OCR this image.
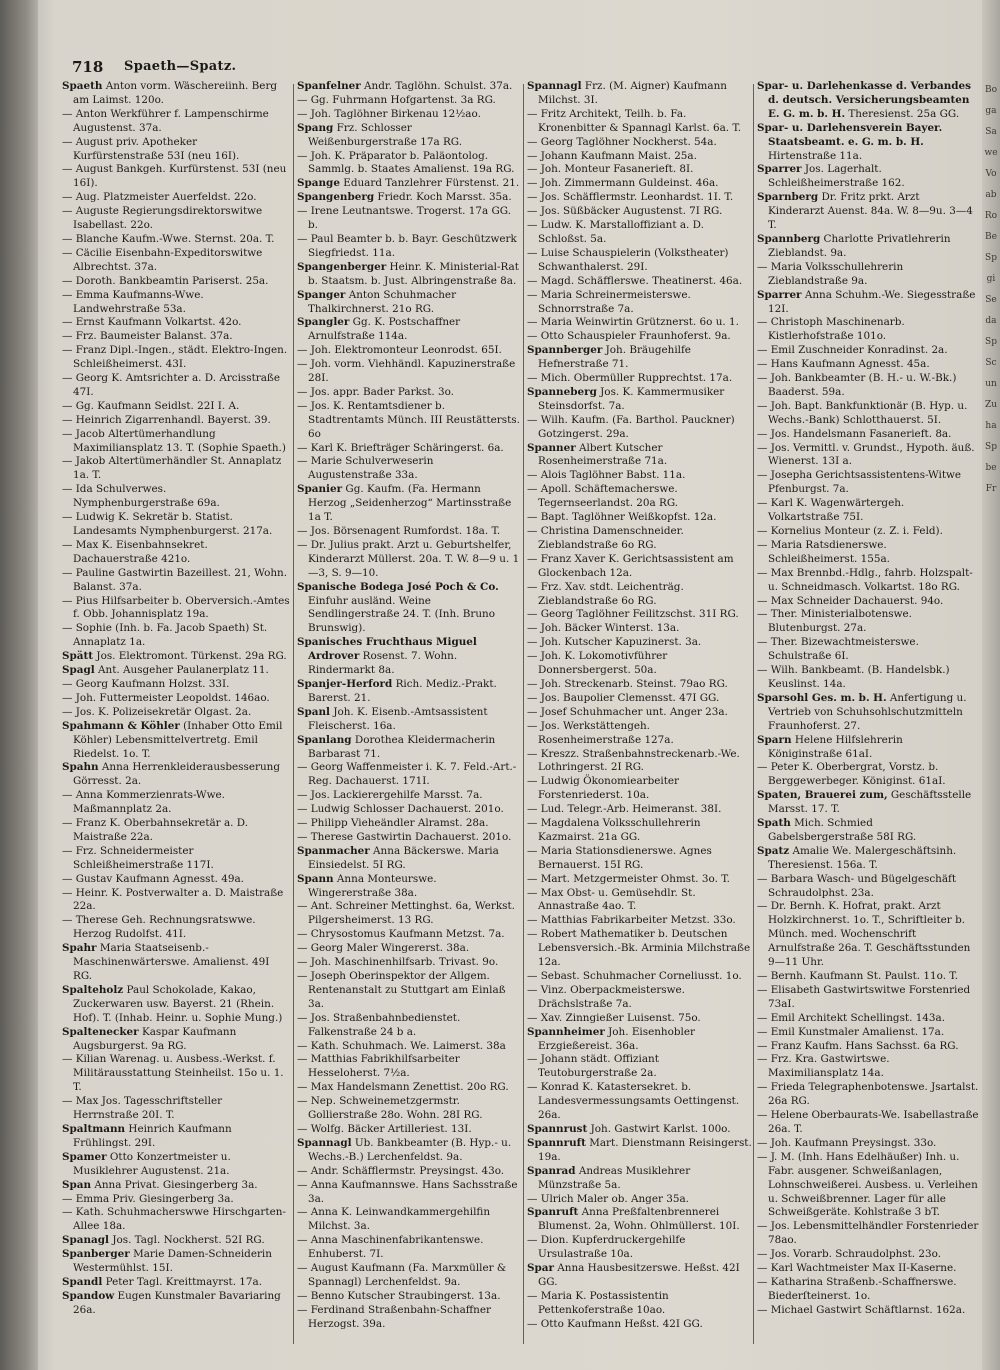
718 Spaeth—Spatz.

Spaeth Anton vorm. Wäschereiinh. Berg am Laimst. 120o.

— Anton Werkführer f. Lampenschirme Augustenst. 37a.

— August priv. Apotheker Kurfürstenstraße 53I (neu 16I).

— August Bankgeh. Kurfürstenst. 53I (neu 16I).

— Aug. Platzmeister Auerfeldst. 22o.

— Auguste Regierungsdirektorswitwe Isabellast. 22o.

— Blanche Kaufm.-Wwe. Sternst. 20a. T.

— Cäcilie Eisenbahn-Expeditorswitwe Albrechtst. 37a.

— Doroth. Bankbeamtin Pariserst. 25a.

— Emma Kaufmanns-Wwe. Landwehrstraße 53a.

— Ernst Kaufmann Volkartst. 42o.

— Frz. Baumeister Balanst. 37a.

— Franz Dipl.-Ingen., städt. Elektro-Ingen. Schleißheimerst. 43I.

— Georg K. Amtsrichter a. D. Arcisstraße 47I.

— Gg. Kaufmann Seidlst. 22I I. A.

— Heinrich Zigarrenhandl. Bayerst. 39.

— Jacob Altertümerhandlung Maximiliansplatz 13. T. (Sophie Spaeth.)

— Jakob Altertümerhändler St. Annaplatz 1a. T.

— Ida Schulverwes. Nymphenburgerstraße 69a.

— Ludwig K. Sekretär b. Statist. Landesamts Nymphenburgerst. 217a.

— Max K. Eisenbahnsekret. Dachauerstraße 421o.

— Pauline Gastwirtin Bazeillest. 21, Wohn. Balanst. 37a.

— Pius Hilfsarbeiter b. Oberversich.-Amtes f. Obb. Johannisplatz 19a.

— Sophie (Inh. b. Fa. Jacob Spaeth) St. Annaplatz 1a.

Spätt Jos. Elektromont. Türkenst. 29a RG.

Spagl Ant. Ausgeher Paulanerplatz 11.

— Georg Kaufmann Holzst. 33I.

— Joh. Futtermeister Leopoldst. 146ao.

— Jos. K. Polizeisekretär Olgast. 2a.

Spahmann & Köhler (Inhaber Otto Emil Köhler) Lebensmittelvertretg. Emil Riedelst. 1o. T.

Spahn Anna Herrenkleiderausbesserung Görresst. 2a.

— Anna Kommerzienrats-Wwe. Maßmannplatz 2a.

— Franz K. Oberbahnsekretär a. D. Maistraße 22a.

— Frz. Schneidermeister Schleißheimerstraße 117I.

— Gustav Kaufmann Agnesst. 49a.

— Heinr. K. Postverwalter a. D. Maistraße 22a.

— Therese Geh. Rechnungsratswwe. Herzog Rudolfst. 41I.

Spahr Maria Staatseisenb.-Maschinenwärterswe. Amalienst. 49I RG.

Spalteholz Paul Schokolade, Kakao, Zuckerwaren usw. Bayerst. 21 (Rhein. Hof). T. (Inhab. Heinr. u. Sophie Mung.)

Spaltenecker Kaspar Kaufmann Augsburgerst. 9a RG.

— Kilian Warenag. u. Ausbess.-Werkst. f. Militärausstattung Steinheilst. 15o u. 1. T.

— Max Jos. Tagesschriftsteller Herrnstraße 20I. T.

Spaltmann Heinrich Kaufmann Frühlingst. 29I.

Spamer Otto Konzertmeister u. Musiklehrer Augustenst. 21a.

Span Anna Privat. Giesingerberg 3a.

— Emma Priv. Giesingerberg 3a.

— Kath. Schuhmacherswwe Hirschgarten-Allee 18a.

Spanagl Jos. Tagl. Nockherst. 52I RG.

Spanberger Marie Damen-Schneiderin Westermühlst. 15I.

Spandl Peter Tagl. Kreittmayrst. 17a.

Spandow Eugen Kunstmaler Bavariaring 26a.

Spanfelner Andr. Taglöhn. Schulst. 37a.

— Gg. Fuhrmann Hofgartenst. 3a RG.

— Joh. Taglöhner Birkenau 12½ao.

Spang Frz. Schlosser Weißenburgerstraße 17a RG.

— Joh. K. Präparator b. Paläontolog. Sammlg. b. Staates Amalienst. 19a RG.

Spange Eduard Tanzlehrer Fürstenst. 21.

Spangenberg Friedr. Koch Marsst. 35a.

— Irene Leutnantswe. Trogerst. 17a GG. b.

— Paul Beamter b. b. Bayr. Geschützwerk Siegfriedst. 11a.

Spangenberger Heinr. K. Ministerial-Rat b. Staatsm. b. Just. Albringenstraße 8a.

Spanger Anton Schuhmacher Thalkirchnerst. 21o RG.

Spangler Gg. K. Postschaffner Arnulfstraße 114a.

— Joh. Elektromonteur Leonrodst. 65I.

— Joh. vorm. Viehhändl. Kapuzinerstraße 28I.

— Jos. appr. Bader Parkst. 3o.

— Jos. K. Rentamtsdiener b. Stadtrentamts Münch. III Reustättersts. 6o

— Karl K. Briefträger Schäringerst. 6a.

— Marie Schulverweserin Augustenstraße 33a.

Spanier Gg. Kaufm. (Fa. Hermann Herzog „Seidenherzog“ Martinsstraße 1a T.

— Jos. Börsenagent Rumfordst. 18a. T.

— Dr. Julius prakt. Arzt u. Geburtshelfer, Kinderarzt Müllerst. 20a. T. W. 8—9 u. 1—3, S. 9—10.

Spanische Bodega José Poch & Co. Einfuhr ausländ. Weine Sendlingerstraße 24. T. (Inh. Bruno Brunswig).

Spanisches Fruchthaus Miguel Ardrover Rosenst. 7. Wohn. Rindermarkt 8a.

Spanjer-Herford Rich. Mediz.-Prakt. Barerst. 21.

Spanl Joh. K. Eisenb.-Amtsassistent Fleischerst. 16a.

Spanlang Dorothea Kleidermacherin Barbarast 71.

— Georg Waffenmeister i. K. 7. Feld.-Art.-Reg. Dachauerst. 171I.

— Jos. Lackierergehilfe Marsst. 7a.

— Ludwig Schlosser Dachauerst. 201o.

— Philipp Vieheändler Alramst. 28a.

— Therese Gastwirtin Dachauerst. 201o.

Spanmacher Anna Bäckerswe. Maria Einsiedelst. 5I RG.

Spann Anna Monteurswe. Wingererstraße 38a.

— Ant. Schreiner Mettinghst. 6a, Werkst. Pilgersheimerst. 13 RG.

— Chrysostomus Kaufmann Metzst. 7a.

— Georg Maler Wingererst. 38a.

— Joh. Maschinenhilfsarb. Trivast. 9o.

— Joseph Oberinspektor der Allgem. Rentenanstalt zu Stuttgart am Einlaß 3a.

— Jos. Straßenbahnbedienstet. Falkenstraße 24 b a.

— Kath. Schuhmach. We. Laimerst. 38a

— Matthias Fabrikhilfsarbeiter Hesseloherst. 7½a.

— Max Handelsmann Zenettist. 20o RG.

— Nep. Schweinemetzgermstr. Gollierstraße 28o. Wohn. 28I RG.

— Wolfg. Bäcker Artilleriest. 13I.

Spannagl Ub. Bankbeamter (B. Hyp.- u. Wechs.-B.) Lerchenfeldst. 9a.

— Andr. Schäfflermstr. Preysingst. 43o.

— Anna Kaufmannswe. Hans Sachsstraße 3a.

— Anna K. Leinwandkammergehilfin Milchst. 3a.

— Anna Maschinenfabrikantenswe. Enhuberst. 7I.

— August Kaufmann (Fa. Marxmüller & Spannagl) Lerchenfeldst. 9a.

— Benno Kutscher Straubingerst. 13a.

— Ferdinand Straßenbahn-Schaffner Herzogst. 39a.

Spannagl Frz. (M. Aigner) Kaufmann Milchst. 3I.

— Fritz Architekt, Teilh. b. Fa. Kronenbitter & Spannagl Karlst. 6a. T.

— Georg Taglöhner Nockherst. 54a.

— Johann Kaufmann Maist. 25a.

— Joh. Monteur Fasanerieft. 8I.

— Joh. Zimmermann Guldeinst. 46a.

— Jos. Schäfflermstr. Leonhardst. 1I. T.

— Jos. Süßbäcker Augustenst. 7I RG.

— Ludw. K. Marstalloffiziant a. D. Schloßst. 5a.

— Luise Schauspielerin (Volkstheater) Schwanthalerst. 29I.

— Magd. Schäfflerswe. Theatinerst. 46a.

— Maria Schreinermeisterswe. Schnorrstraße 7a.

— Maria Weinwirtin Grütznerst. 6o u. 1.

— Otto Schauspieler Fraunhoferst. 9a.

Spannberger Joh. Bräugehilfe Hefnerstraße 71.

— Mich. Obermüller Rupprechtst. 17a.

Spanneberg Jos. K. Kammermusiker Steinsdorfst. 7a.

— Wilh. Kaufm. (Fa. Barthol. Pauckner) Gotzingerst. 29a.

Spanner Albert Kutscher Rosenheimerstraße 71a.

— Alois Taglöhner Babst. 11a.

— Apoll. Schäftemacherswe. Tegernseerlandst. 20a RG.

— Bapt. Taglöhner Weißkopfst. 12a.

— Christina Damenschneider. Zieblandstraße 6o RG.

— Franz Xaver K. Gerichtsassistent am Glockenbach 12a.

— Frz. Xav. stdt. Leichenträg. Zieblandstraße 6o RG.

— Georg Taglöhner Feilitzschst. 31I RG.

— Joh. Bäcker Winterst. 13a.

— Joh. Kutscher Kapuzinerst. 3a.

— Joh. K. Lokomotivführer Donnersbergerst. 50a.

— Joh. Streckenarb. Steinst. 79ao RG.

— Jos. Baupolier Clemensst. 47I GG.

— Josef Schuhmacher unt. Anger 23a.

— Jos. Werkstättengeh. Rosenheimerstraße 127a.

— Kreszz. Straßenbahnstreckenarb.-We. Lothringerst. 2I RG.

— Ludwig Ökonomiearbeiter Forstenriederst. 10a.

— Lud. Telegr.-Arb. Heimeranst. 38I.

— Magdalena Volksschullehrerin Kazmairst. 21a GG.

— Maria Stationsdienerswe. Agnes Bernauerst. 15I RG.

— Mart. Metzgermeister Ohmst. 3o. T.

— Max Obst- u. Gemüsehdlr. St. Annastraße 4ao. T.

— Matthias Fabrikarbeiter Metzst. 33o.

— Robert Mathematiker b. Deutschen Lebensversich.-Bk. Arminia Milchstraße 12a.

— Sebast. Schuhmacher Corneliusst. 1o.

— Vinz. Oberpackmeisterswe. Drächslstraße 7a.

— Xav. Zinngießer Luisenst. 75o.

Spannheimer Joh. Eisenhobler Erzgießereist. 36a.

— Johann städt. Offiziant Teutoburgerstraße 2a.

— Konrad K. Katastersekret. b. Landesvermessungsamts Oettingenst. 26a.

Spannrust Joh. Gastwirt Karlst. 100o.

Spannruft Mart. Dienstmann Reisingerst. 19a.

Spanrad Andreas Musiklehrer Münzstraße 5a.

— Ulrich Maler ob. Anger 35a.

Spanruft Anna Preßfaltenbrennerei Blumenst. 2a, Wohn. Ohlmüllerst. 10I.

— Dion. Kupferdruckergehilfe Ursulastraße 10a.

Spar Anna Hausbesitzerswe. Heßst. 42I GG.

— Maria K. Postassistentin Pettenkoferstraße 10ao.

— Otto Kaufmann Heßst. 42I GG.

Spar- u. Darlehenkasse d. Verbandes d. deutsch. Versicherungsbeamten E. G. m. b. H. Theresienst. 25a GG.

Spar- u. Darlehensverein Bayer. Staatsbeamt. e. G. m. b. H. Hirtenstraße 11a.

Sparrer Jos. Lagerhalt. Schleißheimerstraße 162.

Sparnberg Dr. Fritz prkt. Arzt Kinderarzt Auenst. 84a. W. 8—9u. 3—4 T.

Spannberg Charlotte Privatlehrerin Zieblandst. 9a.

— Maria Volksschullehrerin Zieblandstraße 9a.

Sparrer Anna Schuhm.-We. Siegesstraße 12I.

— Christoph Maschinenarb. Kistlerhofstraße 101o.

— Emil Zuschneider Konradinst. 2a.

— Hans Kaufmann Agnesst. 45a.

— Joh. Bankbeamter (B. H.- u. W.-Bk.) Baaderst. 59a.

— Joh. Bapt. Bankfunktionär (B. Hyp. u. Wechs.-Bank) Schlotthauerst. 5I.

— Jos. Handelsmann Fasanerieft. 8a.

— Jos. Vermittl. v. Grundst., Hypoth. äuß. Wienerst. 13I a.

— Josepha Gerichtsassistentens-Witwe Pfenburgst. 7a.

— Karl K. Wagenwärtergeh. Volkartstraße 75I.

— Kornelius Monteur (z. Z. i. Feld).

— Maria Ratsdienerswe. Schleißheimerst. 155a.

— Max Brennbd.-Hdlg., fahrb. Holzspalt- u. Schneidmasch. Volkartst. 18o RG.

— Max Schneider Dachauerst. 94o.

— Ther. Ministerialbotenswe. Blutenburgst. 27a.

— Ther. Bizewachtmeisterswe. Schulstraße 6I.

— Wilh. Bankbeamt. (B. Handelsbk.) Keuslinst. 14a.

Sparsohl Ges. m. b. H. Anfertigung u. Vertrieb von Schuhsohlschutzmitteln Fraunhoferst. 27.

Sparn Helene Hilfslehrerin Königinstraße 61aI.

— Peter K. Oberbergrat, Vorstz. b. Berggewerbeger. Königinst. 61aI.

Spaten, Brauerei zum, Geschäftsstelle Marsst. 17. T.

Spath Mich. Schmied Gabelsbergerstraße 58I RG.

Spatz Amalie We. Malergeschäftsinh. Theresienst. 156a. T.

— Barbara Wasch- und Bügelgeschäft Schraudolphst. 23a.

— Dr. Bernh. K. Hofrat, prakt. Arzt Holzkirchnerst. 1o. T., Schriftleiter b. Münch. med. Wochenschrift Arnulfstraße 26a. T. Geschäftsstunden 9—11 Uhr.

— Bernh. Kaufmann St. Paulst. 11o. T.

— Elisabeth Gastwirtswitwe Forstenried 73aI.

— Emil Architekt Schellingst. 143a.

— Emil Kunstmaler Amalienst. 17a.

— Franz Kaufm. Hans Sachsst. 6a RG.

— Frz. Kra. Gastwirtswe. Maximiliansplatz 14a.

— Frieda Telegraphenbotenswe. Jsartalst. 26a RG.

— Helene Oberbaurats-We. Isabellastraße 26a. T.

— Joh. Kaufmann Preysingst. 33o.

— J. M. (Inh. Hans Edelhäußer) Inh. u. Fabr. ausgener. Schweißanlagen, Lohnschweißerei. Ausbess. u. Verleihen u. Schweißbrenner. Lager für alle Schweißgeräte. Kohlstraße 3 bT.

— Jos. Lebensmittelhändler Forstenrieder 78ao.

— Jos. Vorarb. Schraudolphst. 23o.

— Karl Wachtmeister Max II-Kaserne.

— Katharina Straßenb.-Schaffnerswe. Biederſteinerst. 1o.

— Michael Gastwirt Schäftlarnst. 162a.

Bo
ga
Sa
we
Vo
ab
Ro
Be
Sp
gi
Se
da
Sp
Sc
un
Zu
ha
Sp
be
Fr
